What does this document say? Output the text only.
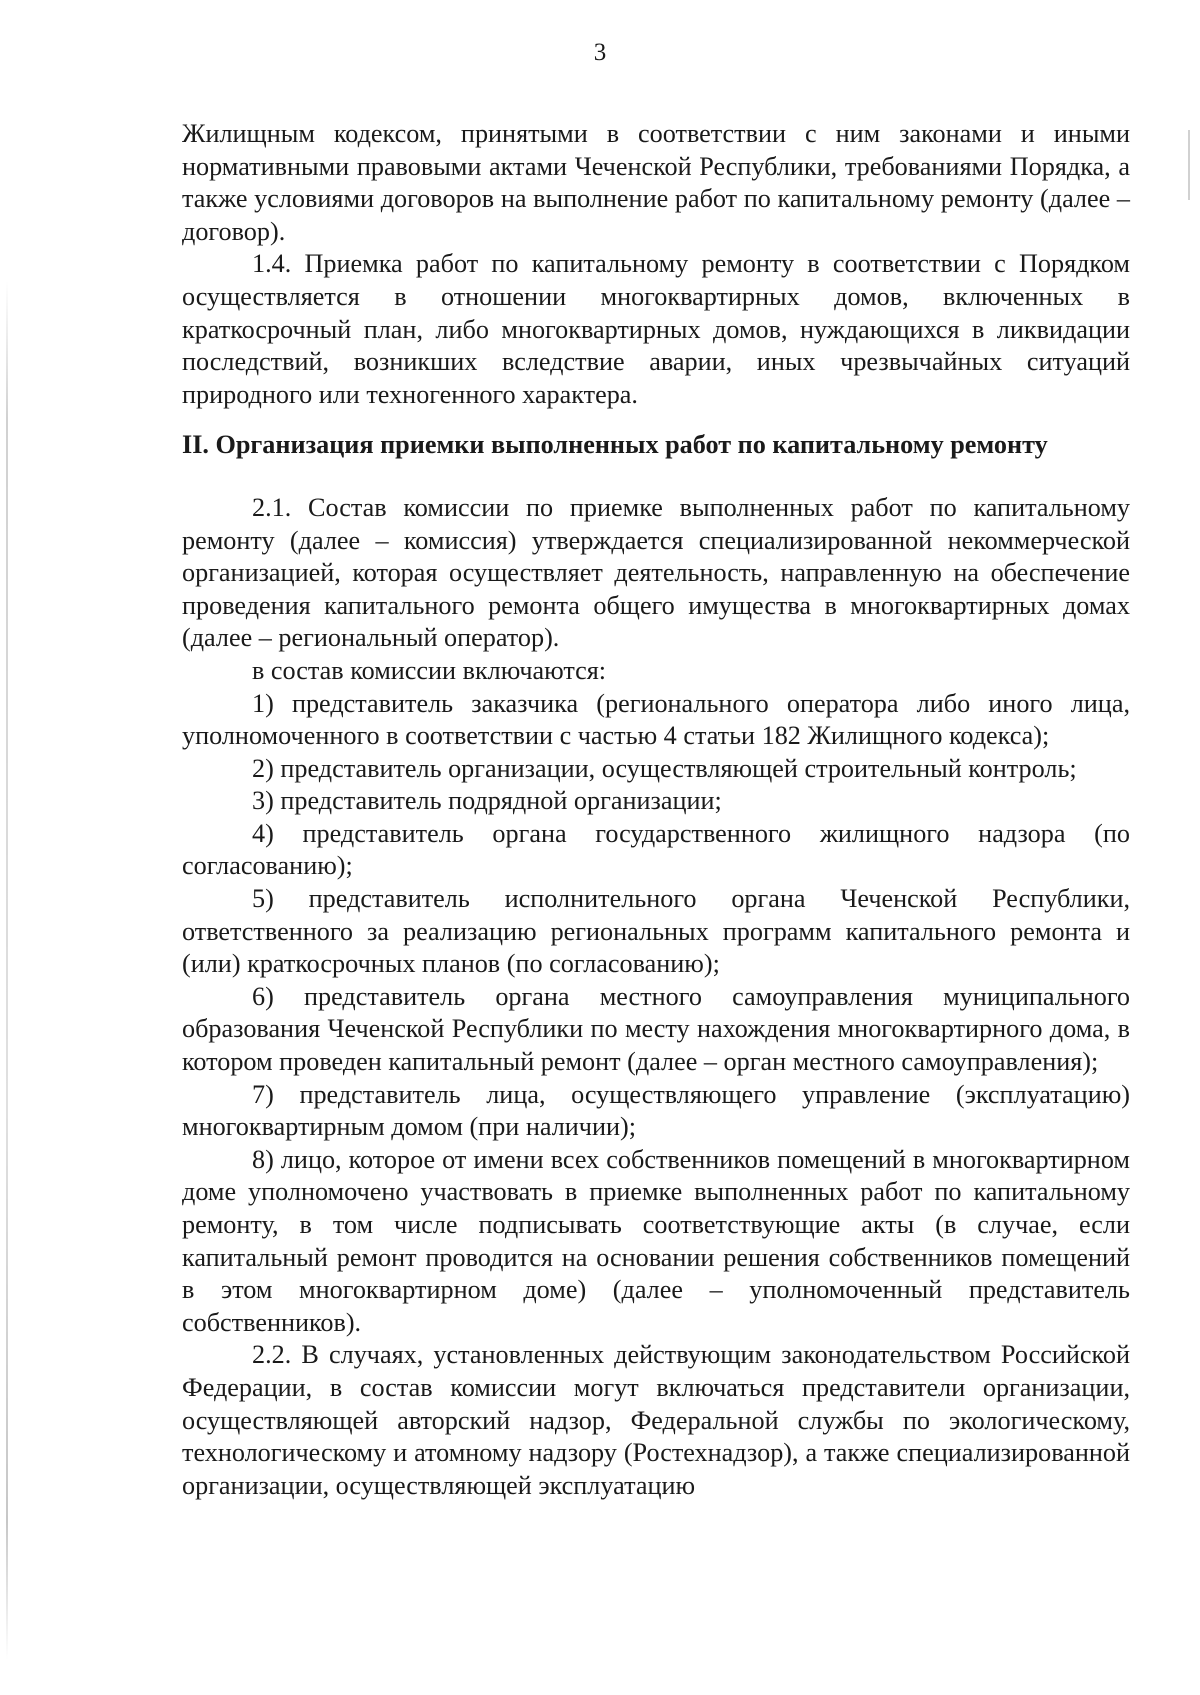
3

Жилищным кодексом, принятыми в соответствии с ним законами и иными нормативными правовыми актами Чеченской Республики, требованиями Порядка, а также условиями договоров на выполнение работ по капитальному ремонту (далее – договор).

1.4. Приемка работ по капитальному ремонту в соответствии с Порядком осуществляется в отношении многоквартирных домов, включенных в краткосрочный план, либо многоквартирных домов, нуждающихся в ликвидации последствий, возникших вследствие аварии, иных чрезвычайных ситуаций природного или техногенного характера.

II. Организация приемки выполненных работ по капитальному ремонту

2.1. Состав комиссии по приемке выполненных работ по капитальному ремонту (далее – комиссия) утверждается специализированной некоммерческой организацией, которая осуществляет деятельность, направленную на обеспечение проведения капитального ремонта общего имущества в многоквартирных домах (далее – региональный оператор).

в состав комиссии включаются:

1) представитель заказчика (регионального оператора либо иного лица, уполномоченного в соответствии с частью 4 статьи 182 Жилищного кодекса);

2) представитель организации, осуществляющей строительный контроль;

3) представитель подрядной организации;

4) представитель органа государственного жилищного надзора (по согласованию);

5) представитель исполнительного органа Чеченской Республики, ответственного за реализацию региональных программ капитального ремонта и (или) краткосрочных планов (по согласованию);

6) представитель органа местного самоуправления муниципального образования Чеченской Республики по месту нахождения многоквартирного дома, в котором проведен капитальный ремонт (далее – орган местного самоуправления);

7) представитель лица, осуществляющего управление (эксплуатацию) многоквартирным домом (при наличии);

8) лицо, которое от имени всех собственников помещений в многоквартирном доме уполномочено участвовать в приемке выполненных работ по капитальному ремонту, в том числе подписывать соответствующие акты (в случае, если капитальный ремонт проводится на основании решения собственников помещений в этом многоквартирном доме) (далее – уполномоченный представитель собственников).

2.2. В случаях, установленных действующим законодательством Российской Федерации, в состав комиссии могут включаться представители организации, осуществляющей авторский надзор, Федеральной службы по экологическому, технологическому и атомному надзору (Ростехнадзор), а также специализированной организации, осуществляющей эксплуатацию
